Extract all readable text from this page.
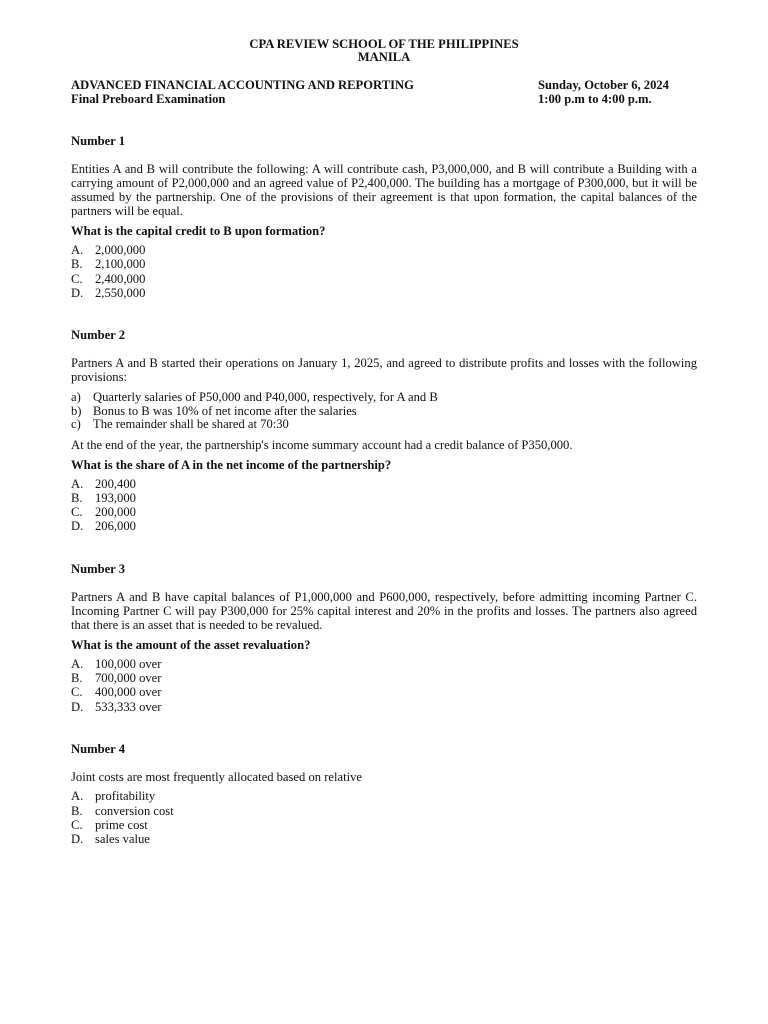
CPA REVIEW SCHOOL OF THE PHILIPPINES
MANILA
ADVANCED FINANCIAL ACCOUNTING AND REPORTING
Final Preboard Examination
Sunday, October 6, 2024
1:00 p.m to 4:00 p.m.
Number 1
Entities A and B will contribute the following: A will contribute cash, P3,000,000, and B will contribute a Building with a carrying amount of P2,000,000 and an agreed value of P2,400,000. The building has a mortgage of P300,000, but it will be assumed by the partnership. One of the provisions of their agreement is that upon formation, the capital balances of the partners will be equal.
What is the capital credit to B upon formation?
A. 2,000,000
B. 2,100,000
C. 2,400,000
D. 2,550,000
Number 2
Partners A and B started their operations on January 1, 2025, and agreed to distribute profits and losses with the following provisions:
a) Quarterly salaries of P50,000 and P40,000, respectively, for A and B
b) Bonus to B was 10% of net income after the salaries
c) The remainder shall be shared at 70:30
At the end of the year, the partnership's income summary account had a credit balance of P350,000.
What is the share of A in the net income of the partnership?
A. 200,400
B. 193,000
C. 200,000
D. 206,000
Number 3
Partners A and B have capital balances of P1,000,000 and P600,000, respectively, before admitting incoming Partner C. Incoming Partner C will pay P300,000 for 25% capital interest and 20% in the profits and losses. The partners also agreed that there is an asset that is needed to be revalued.
What is the amount of the asset revaluation?
A. 100,000 over
B. 700,000 over
C. 400,000 over
D. 533,333 over
Number 4
Joint costs are most frequently allocated based on relative
A. profitability
B. conversion cost
C. prime cost
D. sales value
